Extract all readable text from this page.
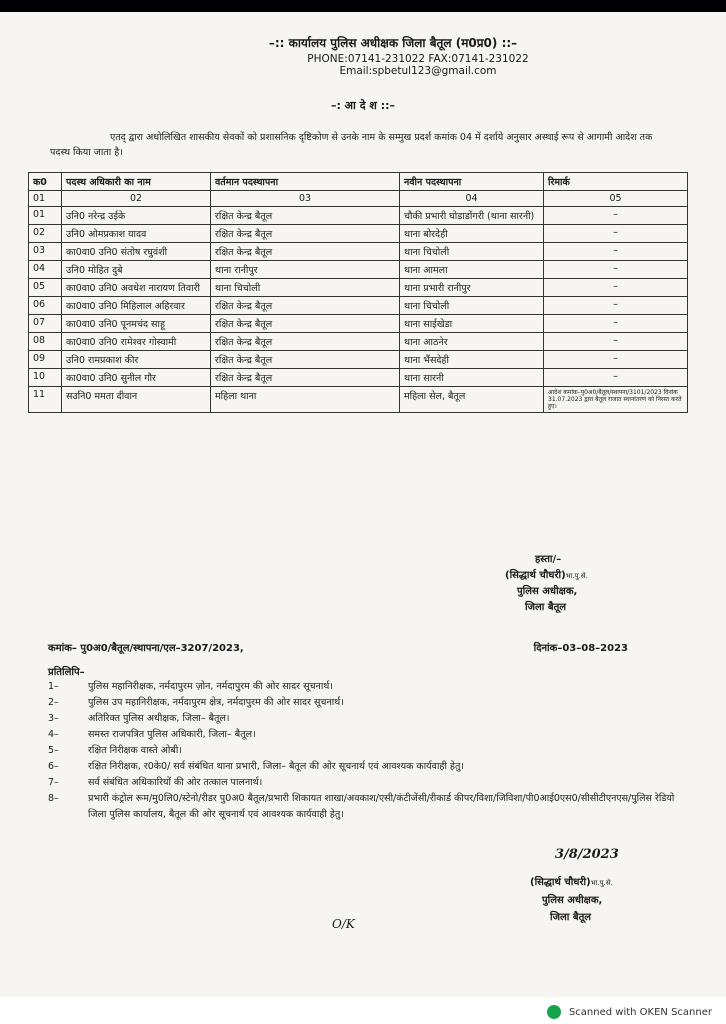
–:: कार्यालय पुलिस अधीक्षक जिला बैतूल (म0प्र0) ::–
PHONE:07141-231022 FAX:07141-231022
Email:spbetul123@gmail.com
–: आ दे श ::–
एतद् द्वारा अधोलिखित शासकीय सेवकों को प्रशासनिक दृष्टिकोण से उनके नाम के सम्मुख प्रदर्श कमांक 04 में दर्शाये अनुसार अस्थाई रूप से आगामी आदेश तक पदस्थ किया जाता है।
क0	पदस्थ अधिकारी का नाम	वर्तमान पदस्थापना	नवीन पदस्थापना	रिमार्क
01	02	03	04	05
01	उनि0 नरेन्द्र उईके	रक्षित केन्द्र बैतूल	चौकी प्रभारी घोडाडोंगरी (थाना सारनी)	–
02	उनि0 ओमप्रकाश यादव	रक्षित केन्द्र बैतूल	थाना बोरदेही	–
03	का0वा0 उनि0 संतोष रघुवंशी	रक्षित केन्द्र बैतूल	थाना चिचोली	–
04	उनि0 मोहित दुबे	थाना रानीपुर	थाना आमला	–
05	का0वा0 उनि0 अवधेश नारायण तिवारी	थाना चिचोली	थाना प्रभारी रानीपुर	–
06	का0वा0 उनि0 मिहिलाल अहिरवार	रक्षित केन्द्र बैतूल	थाना चिचोली	–
07	का0वा0 उनि0 पूनमचंद साहू	रक्षित केन्द्र बैतूल	थाना साईखेडा	–
08	का0वा0 उनि0 रामेश्वर गोस्वामी	रक्षित केन्द्र बैतूल	थाना आठनेर	–
09	उनि0 रामप्रकाश कीर	रक्षित केन्द्र बैतूल	थाना भैंसदेही	–
10	का0वा0 उनि0 सुनील गौर	रक्षित केन्द्र बैतूल	थाना सारनी	–
11	सउनि0 ममता दीवान	महिला थाना	महिला सेल, बैतूल	आदेश कमांक–पु0अ0/बैतूल/स्थापना/3101/2023 दिनांक 31.07.2023 द्वारा बैतूल राजात स्थानांतरण को निरस्त करते हुए।
हस्ता/–
(सिद्धार्थ चौधरी)भा.पु.से.
पुलिस अधीक्षक,
जिला बैतूल
कमांक– पु0अ0/बैतूल/स्थापना/एल–3207/2023,	दिनांक–03–08–2023
प्रतिलिपि–
1–	पुलिस महानिरीक्षक, नर्मदापुरम ज़ोन, नर्मदापुरम की ओर सादर सूचनार्थ।
2–	पुलिस उप महानिरीक्षक, नर्मदापुरम क्षेत्र, नर्मदापुरम की ओर सादर सूचनार्थ।
3–	अतिरिक्त पुलिस अधीक्षक, जिला– बैतूल।
4–	समस्त राजपत्रित पुलिस अधिकारी, जिला– बैतूल।
5–	रक्षित निरीक्षक वास्ते ओबी।
6–	रक्षित निरीक्षक, र0के0/ सर्व संबंधित थाना प्रभारी, जिला– बैतूल की ओर सूचनार्थ एवं आवश्यक कार्यवाही हेतु।
7–	सर्व संबंधित अधिकारियों की ओर तत्काल पालनार्थ।
8–	प्रभारी कंट्रोल रूम/मु0लि0/स्टेनो/रीडर पु0अ0 बैतूल/प्रभारी शिकायत शाखा/अवकाश/एसी/कंटीजेंसी/रीकार्ड कीपर/विशा/जिविशा/पी0आई0एस0/सीसीटीएनएस/पुलिस रेडियो जिला पुलिस कार्यालय, बैतूल की ओर सूचनार्थ एवं आवश्यक कार्यवाही हेतु।
3/8/2023
(सिद्धार्थ चौधरी)भा.पु.से.
पुलिस अधीक्षक,
जिला बैतूल
O/K
Scanned with OKEN Scanner
